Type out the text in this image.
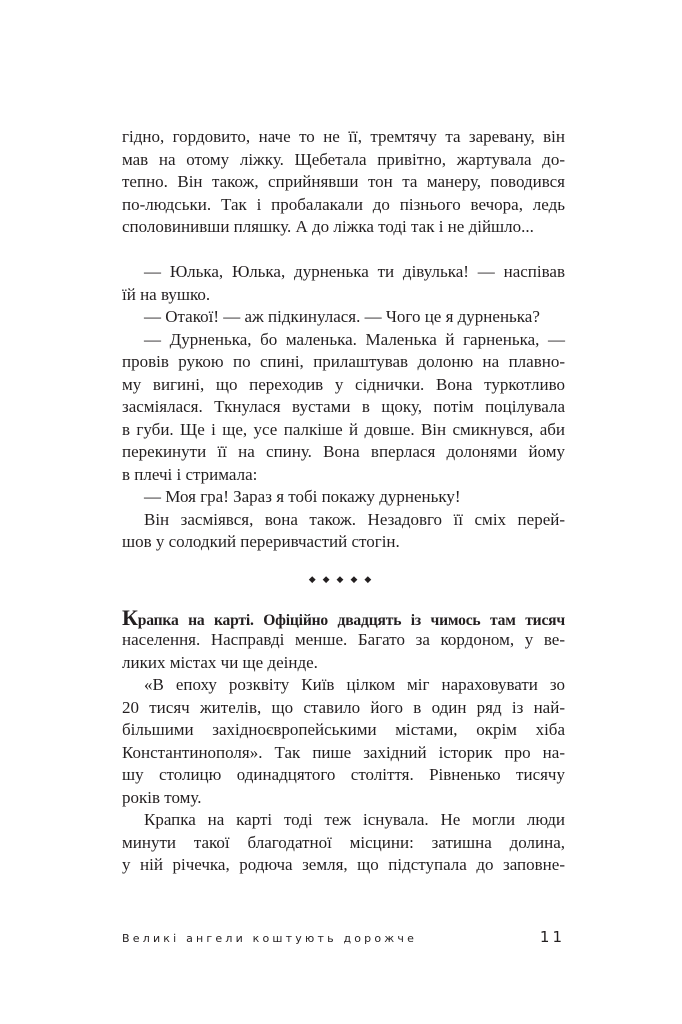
гідно, гордовито, наче то не її, тремтячу та заревану, він
мав на отому ліжку. Щебетала привітно, жартувала до-
тепно. Він також, сприйнявши тон та манеру, поводився
по-людськи. Так і пробалакали до пізнього вечора, ледь
споловинивши пляшку. А до ліжка тоді так і не дійшло...
— Юлька, Юлька, дурненька ти дівулька! — наспівав
їй на вушко.
— Отакої! — аж підкинулася. — Чого це я дурненька?
— Дурненька, бо маленька. Маленька й гарненька, —
провів рукою по спині, прилаштував долоню на плавно-
му вигині, що переходив у сіднички. Вона туркотливо
засміялася. Ткнулася вустами в щоку, потім поцілувала
в губи. Ще і ще, усе палкіше й довше. Він смикнувся, аби
перекинути її на спину. Вона вперлася долонями йому
в плечі і стримала:
— Моя гра! Зараз я тобі покажу дурненьку!
Він засміявся, вона також. Незадовго її сміх перей-
шов у солодкий переривчастий стогін.
◆◆◆◆◆
Крапка на карті. Офіційно двадцять із чимось там тисяч
населення. Насправді менше. Багато за кордоном, у ве-
ликих містах чи ще деінде.
«В епоху розквіту Київ цілком міг нараховувати зо
20 тисяч жителів, що ставило його в один ряд із най-
більшими західноєвропейськими містами, окрім хіба
Константинополя». Так пише західний історик про на-
шу столицю одинадцятого століття. Рівненько тисячу
років тому.
Крапка на карті тоді теж існувала. Не могли люди
минути такої благодатної місцини: затишна долина,
у ній річечка, родюча земля, що підступала до заповне-
Великі ангели коштують дорожче	11
